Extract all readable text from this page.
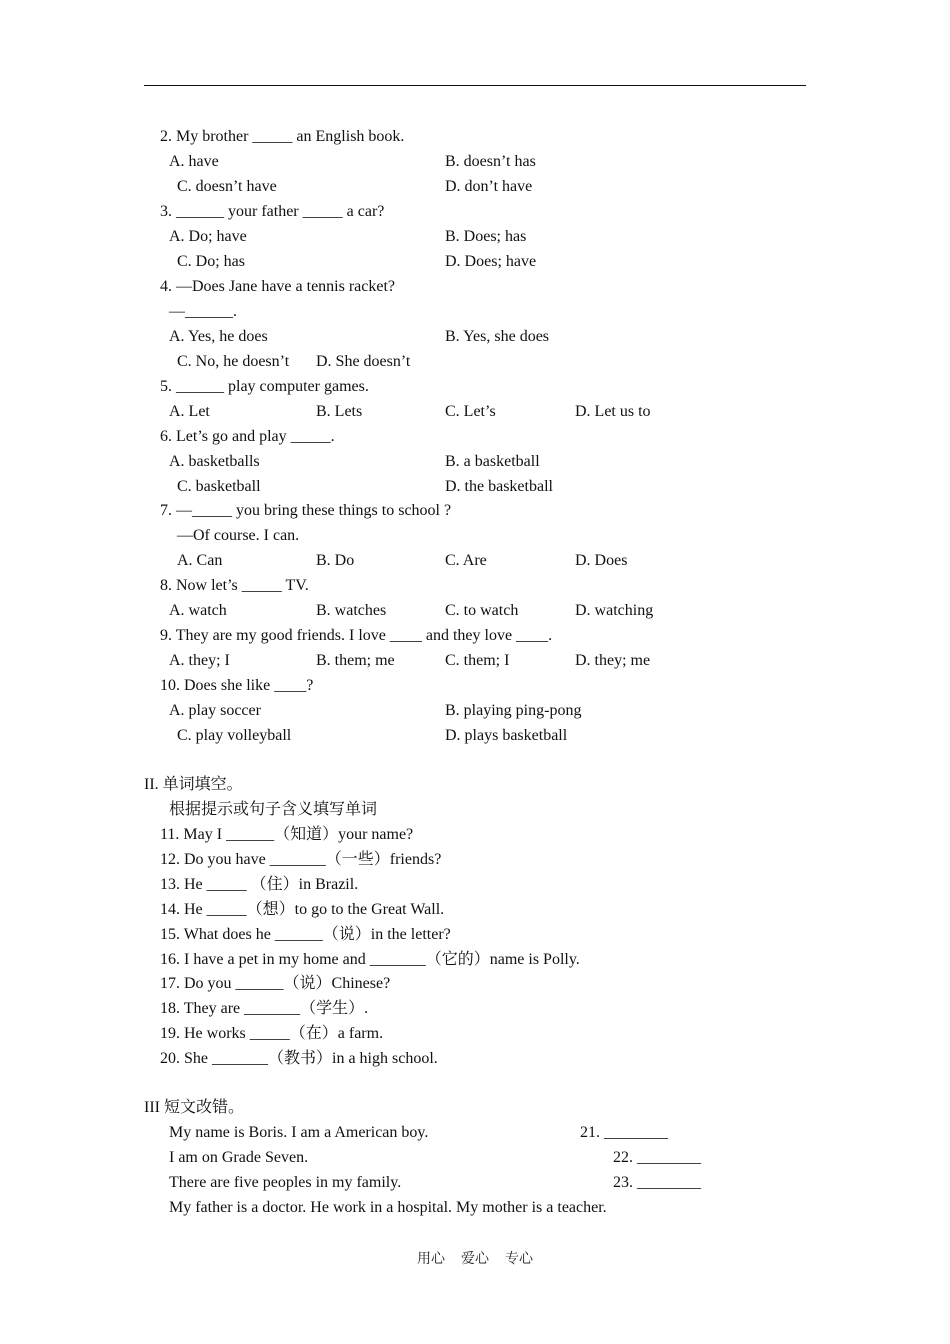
2. My brother _____ an English book.

A. have

	B. doesn’t has

C. doesn’t have

	D. don’t have

3. ______ your father _____ a car?

A. Do; have

	B. Does; has

C. Do; has

	D. Does; have

4. —Does Jane have a tennis racket?
—______.

A. Yes, he does

	B. Yes, she does

C. No, he doesn’t

D. She doesn’t

5. ______ play computer games.

A. Let

	B. Lets

	C. Let’s

	D. Let us to

6. Let’s go and play _____.

A. basketballs

	B. a basketball

C. basketball

	D. the basketball

7. —_____ you bring these things to school ?
—Of course. I can.

A. Can

	B. Do

	C. Are

	D. Does

8. Now let’s _____ TV.

A. watch

	B. watches

	C. to watch

	D. watching

9. They are my good friends. I love ____ and they love ____.

A. they; I

	B. them; me

	C. them; I

	D. they; me

10. Does she like ____?

A. play soccer

	B. playing ping-pong

C. play volleyball

	D. plays basketball

II. 单词填空。
根据提示或句子含义填写单词
11. May I ______（知道）your name?
12. Do you have _______（一些）friends?
13. He _____ （住）in Brazil.
14. He _____（想）to go to the Great Wall.
15. What does he ______（说）in the letter?
16. I have a pet in my home and _______（它的）name is Polly.
17. Do you ______（说）Chinese?
18. They are _______（学生）.
19. He works _____（在）a farm.
20. She _______（教书）in a high school.
III 短文改错。

My name is Boris. I am a American boy.

	21. ________

I am on Grade Seven.

	22. ________

There are five peoples in my family.

	23. ________

My father is a doctor. He work in a hospital. My mother is a teacher.

用心 爱心 专心
